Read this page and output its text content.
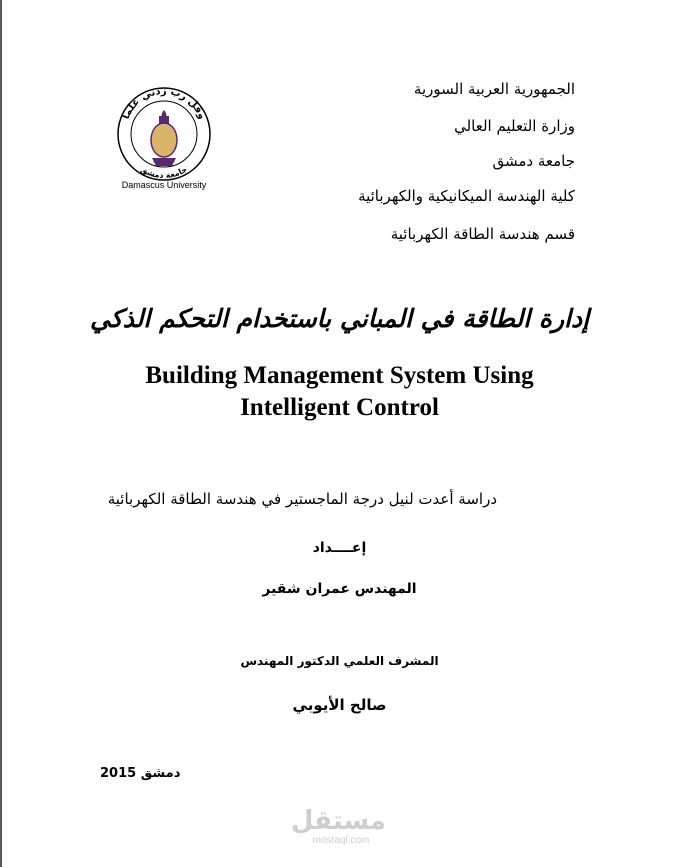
وقل رب زدني علما
جامعة دمشق
Damascus University
الجمهورية العربية السورية
وزارة التعليم العالي
جامعة دمشق
كلية الهندسة الميكانيكية والكهربائية
قسم هندسة الطاقة الكهربائية
إدارة الطاقة في المباني باستخدام التحكم الذكي
Building Management System Using
Intelligent Control
دراسة أعدت لنيل درجة الماجستير في هندسة الطاقة الكهربائية
إعــــداد
المهندس عمران شقير
المشرف العلمي الدكتور المهندس
صالح الأيوبي
دمشق 2015
مستقل
mostaql.com
